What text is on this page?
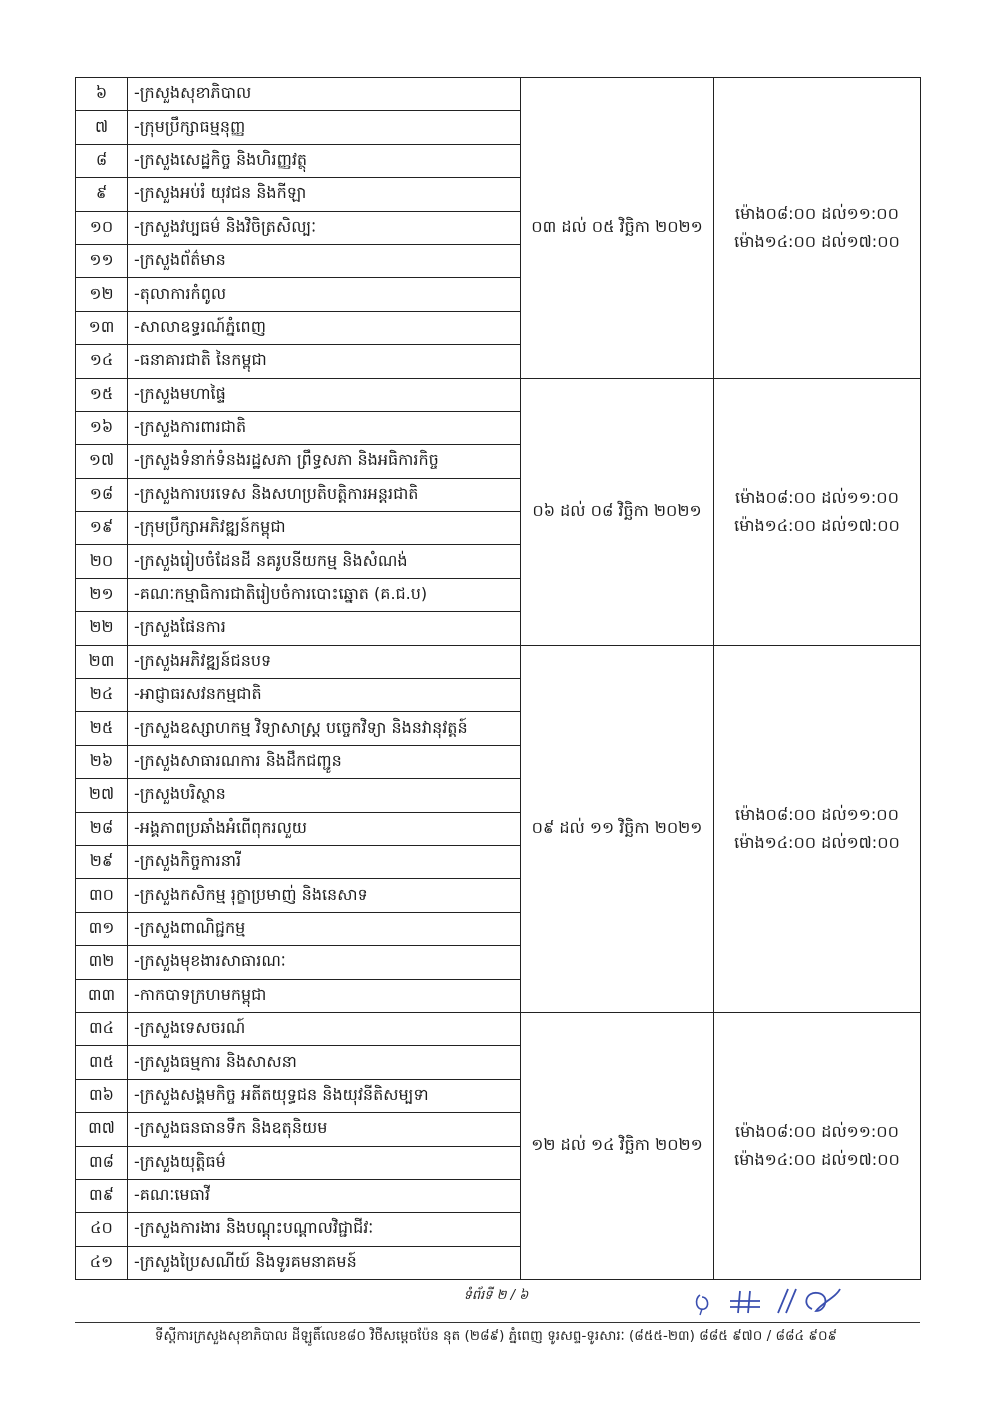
៦	-ក្រសួងសុខាភិបាល	០៣ ដល់ ០៥ វិច្ឆិកា ២០២១	ម៉ោង០៨:០០ ដល់១១:០០
ម៉ោង១៤:០០ ដល់១៧:០០

៧	-ក្រុមប្រឹក្សាធម្មនុញ្ញ		
៨	-ក្រសួងសេដ្ឋកិច្ច និងហិរញ្ញវត្ថុ		
៩	-ក្រសួងអប់រំ យុវជន និងកីឡា		
១០	-ក្រសួងវប្បធម៌ និងវិចិត្រសិល្បៈ		
១១	-ក្រសួងព័ត៌មាន		
១២	-តុលាការកំពូល		
១៣	-សាលាឧទ្ធរណ៍ភ្នំពេញ		
១៤	-ធនាគារជាតិ នៃកម្ពុជា		
១៥	-ក្រសួងមហាផ្ទៃ	០៦ ដល់ ០៨ វិច្ឆិកា ២០២១	ម៉ោង០៨:០០ ដល់១១:០០
ម៉ោង១៤:០០ ដល់១៧:០០

១៦	-ក្រសួងការពារជាតិ		
១៧	-ក្រសួងទំនាក់ទំនងរដ្ឋសភា ព្រឹទ្ធសភា និងអធិការកិច្ច		
១៨	-ក្រសួងការបរទេស និងសហប្រតិបត្តិការអន្តរជាតិ		
១៩	-ក្រុមប្រឹក្សាអភិវឌ្ឍន៍កម្ពុជា		
២០	-ក្រសួងរៀបចំដែនដី នគរូបនីយកម្ម និងសំណង់		
២១	-គណៈកម្មាធិការជាតិរៀបចំការបោះឆ្នោត (គ.ជ.ប)		
២២	-ក្រសួងផែនការ		
២៣	-ក្រសួងអភិវឌ្ឍន៍ជនបទ	០៩ ដល់ ១១ វិច្ឆិកា ២០២១	ម៉ោង០៨:០០ ដល់១១:០០
ម៉ោង១៤:០០ ដល់១៧:០០

២៤	-អាជ្ញាធរសវនកម្មជាតិ		
២៥	-ក្រសួងឧស្សាហកម្ម វិទ្យាសាស្ត្រ បច្ចេកវិទ្យា និងនវានុវត្តន៍		
២៦	-ក្រសួងសាធារណការ និងដឹកជញ្ជូន		
២៧	-ក្រសួងបរិស្ថាន		
២៨	-អង្គភាពប្រឆាំងអំពើពុករលួយ		
២៩	-ក្រសួងកិច្ចការនារី		
៣០	-ក្រសួងកសិកម្ម រុក្ខាប្រមាញ់ និងនេសាទ		
៣១	-ក្រសួងពាណិជ្ជកម្ម		
៣២	-ក្រសួងមុខងារសាធារណៈ		
៣៣	-កាកបាទក្រហមកម្ពុជា		
៣៤	-ក្រសួងទេសចរណ៍	១២ ដល់ ១៤ វិច្ឆិកា ២០២១	ម៉ោង០៨:០០ ដល់១១:០០
ម៉ោង១៤:០០ ដល់១៧:០០

៣៥	-ក្រសួងធម្មការ និងសាសនា		
៣៦	-ក្រសួងសង្គមកិច្ច អតីតយុទ្ធជន និងយុវនីតិសម្បទា		
៣៧	-ក្រសួងធនធានទឹក និងឧតុនិយម		
៣៨	-ក្រសួងយុត្តិធម៌		
៣៩	-គណៈមេធាវី		
៤០	-ក្រសួងការងារ និងបណ្តុះបណ្តាលវិជ្ជាជីវៈ		
៤១	-ក្រសួងប្រៃសណីយ៍ និងទូរគមនាគមន៍		
ទំព័រទី ២ / ៦
ទីស្តីការក្រសួងសុខាភិបាល ដីឡូតិ៍លេខ៨០ វិថីសម្តេចប៉ែន នុត (២៨៩) ភ្នំពេញ ទូរសព្ទ-ទូរសារៈ (៨៥៥-២៣) ៨៨៥ ៩៧០ / ៨៨៤ ៩០៩
